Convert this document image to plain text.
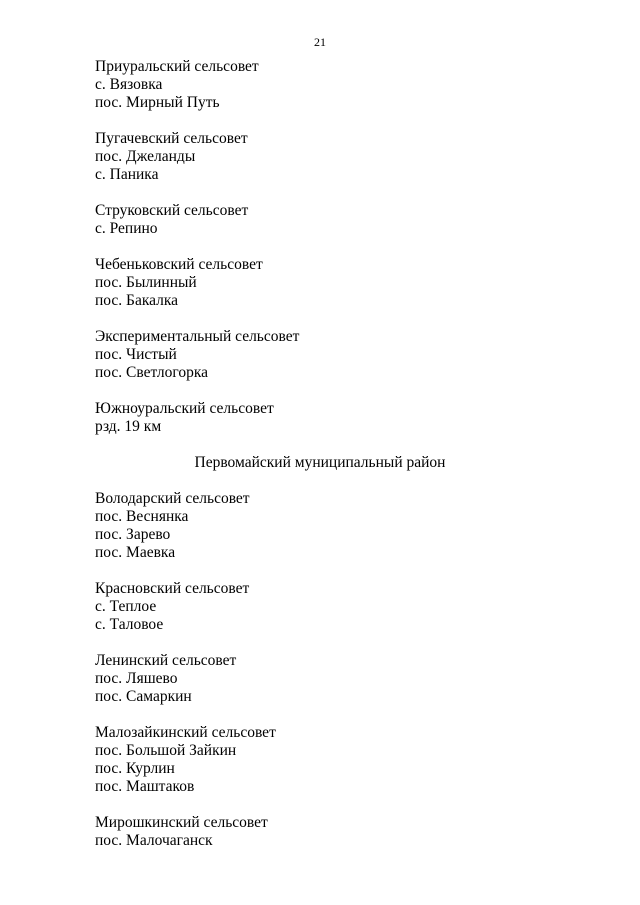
21
Приуральский сельсовет
с. Вязовка
пос. Мирный Путь
Пугачевский сельсовет
пос. Джеланды
с. Паника
Струковский сельсовет
с. Репино
Чебеньковский сельсовет
пос. Былинный
пос. Бакалка
Экспериментальный сельсовет
пос. Чистый
пос. Светлогорка
Южноуральский сельсовет
рзд. 19 км
Первомайский муниципальный район
Володарский сельсовет
пос. Веснянка
пос. Зарево
пос. Маевка
Красновский сельсовет
с. Теплое
с. Таловое
Ленинский сельсовет
пос. Ляшево
пос. Самаркин
Малозайкинский сельсовет
пос. Большой Зайкин
пос. Курлин
пос. Маштаков
Мирошкинский сельсовет
пос. Малочаганск
